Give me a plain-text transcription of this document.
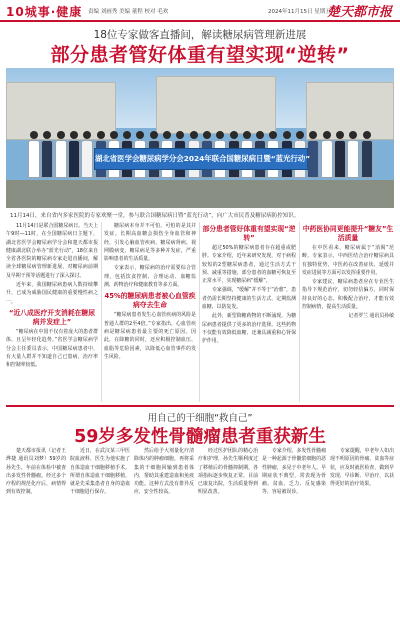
10城事·健康 责编 刘画秀 美编 董程 校对 毛欢	2024年11月15日 星期五
楚天都市报
18位专家做客直播间，解读糖尿病管理新进展
部分患者管好体重有望实现“逆转”
湖北省医学会糖尿病学分会2024年联合国糖尿病日暨“蓝光行动”
11月14日，来自省内多家医院的专家欢聚一堂，参与联合国糖尿病日暨“蓝光行动”，向广大市民普及糖尿病防控知识。

11月14日是联合国糖尿病日。当天上午9时—11时，在全国糖尿病日主题下，湖北省医学会糖尿病学分会和楚天都市报健康湖北联合举办“蓝光行动”，18位来自全省各医院的糖尿病专家走进直播间，解读全球糖尿病管理新进展，对糖尿病前期及早期干预等话题进行了深入探讨。

近年来，我国糖尿病患病人数持续攀升，已成为威胁国民健康的重要慢性病之一。

“近八成医疗开支消耗在糖尿病并发症上”

“糖尿病在中国不仅有着庞大的患者群体，且呈年轻化趋势。”省医学会糖尿病学分会主任委员表示，中国糖尿病患者中，有大量人群并不知道自己已患病，治疗率和控制率较低。

糖尿病本身并不可怕，可怕的是其并发症。长期高血糖会损伤全身血管和神经，引发心脑血管疾病、糖尿病肾病、视网膜病变、糖尿病足等多种并发症，严重影响患者的生活质量。

专家表示，糖尿病的治疗需要综合管理，包括饮食控制、合理运动、血糖监测、药物治疗和健康教育等多方面。

45%的糖尿病患者被心血管疾病夺去生命

“糖尿病患者发生心血管疾病的风险是普通人群的2至4倍。”专家指出，心血管疾病是糖尿病患者最主要的死亡原因。因此，在降糖的同时，还应积极控制血压、血脂等危险因素，以降低心血管事件的发生风险。

部分患者管好体重有望实现“逆转”

超过50%的糖尿病患者存在超重或肥胖。专家介绍，近年来研究发现，对于病程较短的2型糖尿病患者，通过生活方式干预、减重等措施，部分患者的血糖可恢复至正常水平，实现糖尿病“缓解”。

专家强调，“缓解”并不等于“治愈”，患者仍需长期坚持健康的生活方式，定期监测血糖，以防复发。

此外，新型降糖药物的不断涌现，为糖尿病患者提供了更多的治疗选择。这些药物不仅能有效降低血糖，还兼具减重和心肾保护作用。

中药医协同更能提升“糖友”生活质量

在中医看来，糖尿病属于“消渴”范畴。专家表示，中西医结合治疗糖尿病具有独特优势，中医药在改善症状、延缓并发症进展等方面可以发挥重要作用。

专家建议，糖尿病患者应在专业医生指导下规范治疗，切勿轻信偏方，同时保持良好的心态，积极配合治疗，才能有效控制病情，提高生活质量。

记者罗兰 通讯员孙敏

用自己的干细胞“救自己”
59岁多发性骨髓瘤患者重获新生

楚天都市报讯（记者王烨捷 通讯员刘梦）59岁的孙先生，年前在体检中被查出多发性骨髓瘤。经过多个疗程的规范化疗后，病情得到有效控制。

近日，在武汉某三甲医院血液科，医生为他实施了自体造血干细胞移植手术。所谓自体造血干细胞移植，就是先采集患者自身的造血干细胞进行保存。

然后给予大剂量化疗清除体内的肿瘤细胞，再将采集的干细胞回输到患者体内，帮助其重建造血和免疫功能。这种方式没有排异反应，安全性较高。

经过医护团队的精心治疗和护理，孙先生顺利度过了移植后的骨髓抑制期，各项指标逐步恢复正常，目前已康复出院，生活质量得到明显改善。

专家介绍，多发性骨髓瘤是一种起源于骨髓浆细胞的恶性肿瘤，多见于中老年人。早期症状不典型，常表现为骨痛、贫血、乏力、反复感染等，容易被误诊。

专家提醒，中老年人如出现不明原因的骨痛、贫血等症状，应及时就医检查，做到早发现、早诊断、早治疗，以获得更好的治疗效果。
